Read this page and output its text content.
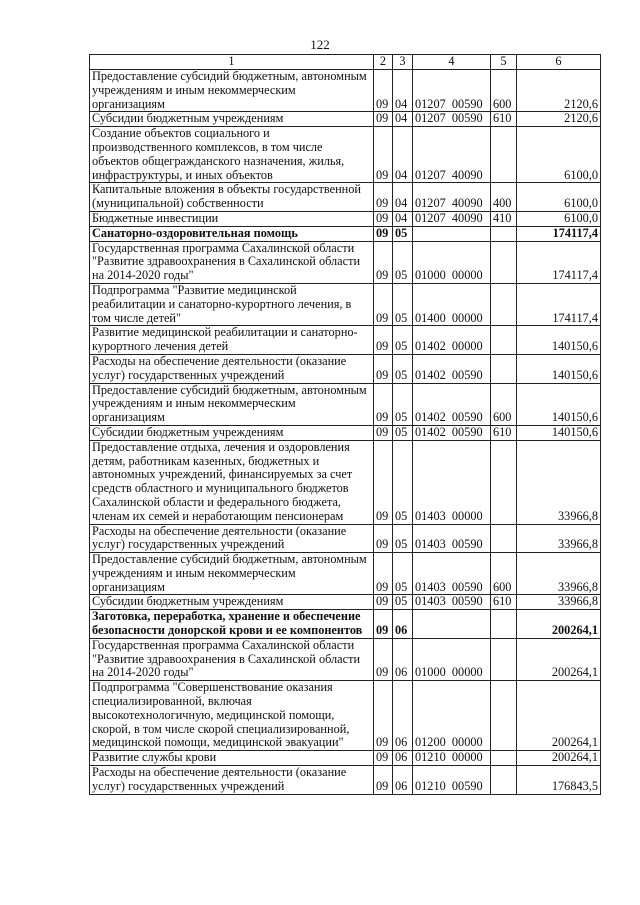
122
1	2	3	4	5	6
Предоставление субсидий бюджетным, автономным учреждениям и иным некоммерческим организациям	09	04	01207  00590	600	2120,6
Субсидии бюджетным учреждениям	09	04	01207  00590	610	2120,6
Создание объектов социального и производственного комплексов, в том числе объектов общегражданского назначения, жилья, инфраструктуры, и иных объектов	09	04	01207  40090		6100,0
Капитальные вложения в объекты государственной (муниципальной) собственности	09	04	01207  40090	400	6100,0
Бюджетные инвестиции	09	04	01207  40090	410	6100,0
Санаторно-оздоровительная помощь	09	05			174117,4
Государственная программа Сахалинской области "Развитие здравоохранения в Сахалинской области на 2014-2020 годы"	09	05	01000  00000		174117,4
Подпрограмма "Развитие медицинской реабилитации и санаторно-курортного лечения, в том числе детей"	09	05	01400  00000		174117,4
Развитие медицинской реабилитации и санаторно-курортного лечения детей	09	05	01402  00000		140150,6
Расходы на обеспечение деятельности (оказание услуг) государственных учреждений	09	05	01402  00590		140150,6
Предоставление субсидий бюджетным, автономным учреждениям и иным некоммерческим организациям	09	05	01402  00590	600	140150,6
Субсидии бюджетным учреждениям	09	05	01402  00590	610	140150,6
Предоставление отдыха, лечения и оздоровления детям, работникам казенных, бюджетных и автономных учреждений, финансируемых за счет средств областного и муниципального бюджетов Сахалинской области и федерального бюджета, членам их семей и неработающим пенсионерам	09	05	01403  00000		33966,8
Расходы на обеспечение деятельности (оказание услуг) государственных учреждений	09	05	01403  00590		33966,8
Предоставление субсидий бюджетным, автономным учреждениям и иным некоммерческим организациям	09	05	01403  00590	600	33966,8
Субсидии бюджетным учреждениям	09	05	01403  00590	610	33966,8
Заготовка, переработка, хранение и обеспечение безопасности донорской крови и ее компонентов	09	06			200264,1
Государственная программа Сахалинской области "Развитие здравоохранения в Сахалинской области на 2014-2020 годы"	09	06	01000  00000		200264,1
Подпрограмма "Совершенствование оказания специализированной, включая высокотехнологичную, медицинской помощи, скорой, в том числе скорой специализированной, медицинской помощи, медицинской эвакуации"	09	06	01200  00000		200264,1
Развитие службы крови	09	06	01210  00000		200264,1
Расходы на обеспечение деятельности (оказание услуг) государственных учреждений	09	06	01210  00590		176843,5
